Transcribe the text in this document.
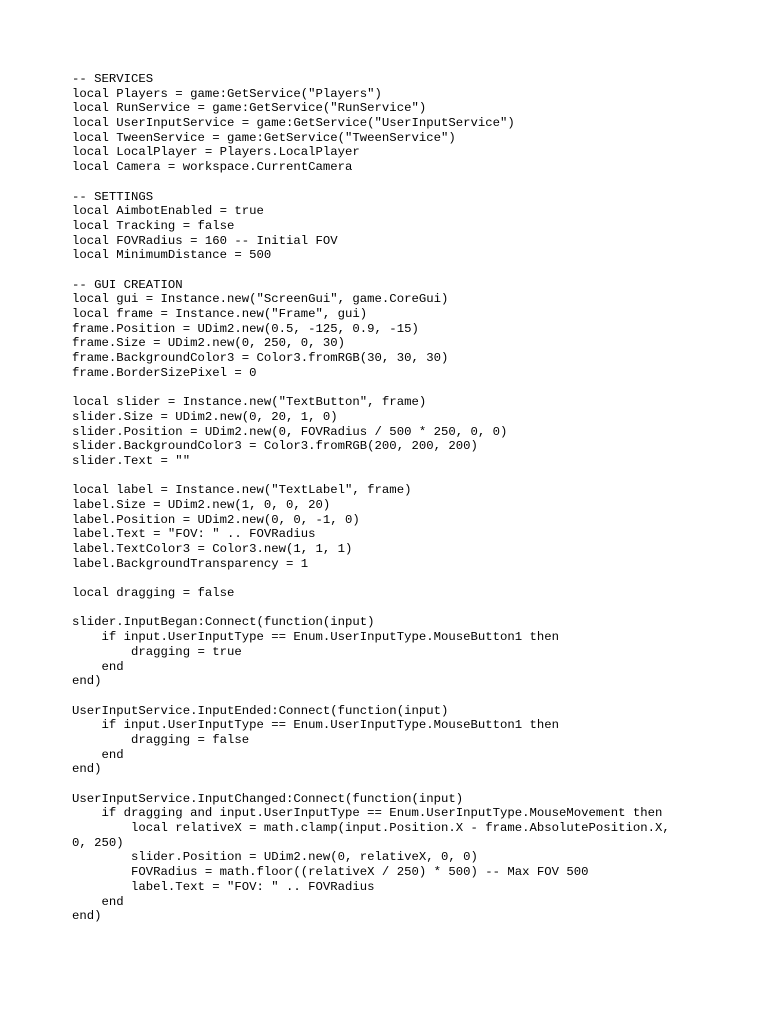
-- SERVICES
local Players = game:GetService("Players")
local RunService = game:GetService("RunService")
local UserInputService = game:GetService("UserInputService")
local TweenService = game:GetService("TweenService")
local LocalPlayer = Players.LocalPlayer
local Camera = workspace.CurrentCamera
-- SETTINGS
local AimbotEnabled = true
local Tracking = false
local FOVRadius = 160 -- Initial FOV
local MinimumDistance = 500
-- GUI CREATION
local gui = Instance.new("ScreenGui", game.CoreGui)
local frame = Instance.new("Frame", gui)
frame.Position = UDim2.new(0.5, -125, 0.9, -15)
frame.Size = UDim2.new(0, 250, 0, 30)
frame.BackgroundColor3 = Color3.fromRGB(30, 30, 30)
frame.BorderSizePixel = 0
local slider = Instance.new("TextButton", frame)
slider.Size = UDim2.new(0, 20, 1, 0)
slider.Position = UDim2.new(0, FOVRadius / 500 * 250, 0, 0)
slider.BackgroundColor3 = Color3.fromRGB(200, 200, 200)
slider.Text = ""
local label = Instance.new("TextLabel", frame)
label.Size = UDim2.new(1, 0, 0, 20)
label.Position = UDim2.new(0, 0, -1, 0)
label.Text = "FOV: " .. FOVRadius
label.TextColor3 = Color3.new(1, 1, 1)
label.BackgroundTransparency = 1
local dragging = false
slider.InputBegan:Connect(function(input)
if input.UserInputType == Enum.UserInputType.MouseButton1 then
dragging = true
end
end)
UserInputService.InputEnded:Connect(function(input)
if input.UserInputType == Enum.UserInputType.MouseButton1 then
dragging = false
end
end)
UserInputService.InputChanged:Connect(function(input)
if dragging and input.UserInputType == Enum.UserInputType.MouseMovement then
local relativeX = math.clamp(input.Position.X - frame.AbsolutePosition.X,
0, 250)
slider.Position = UDim2.new(0, relativeX, 0, 0)
FOVRadius = math.floor((relativeX / 250) * 500) -- Max FOV 500
label.Text = "FOV: " .. FOVRadius
end
end)
